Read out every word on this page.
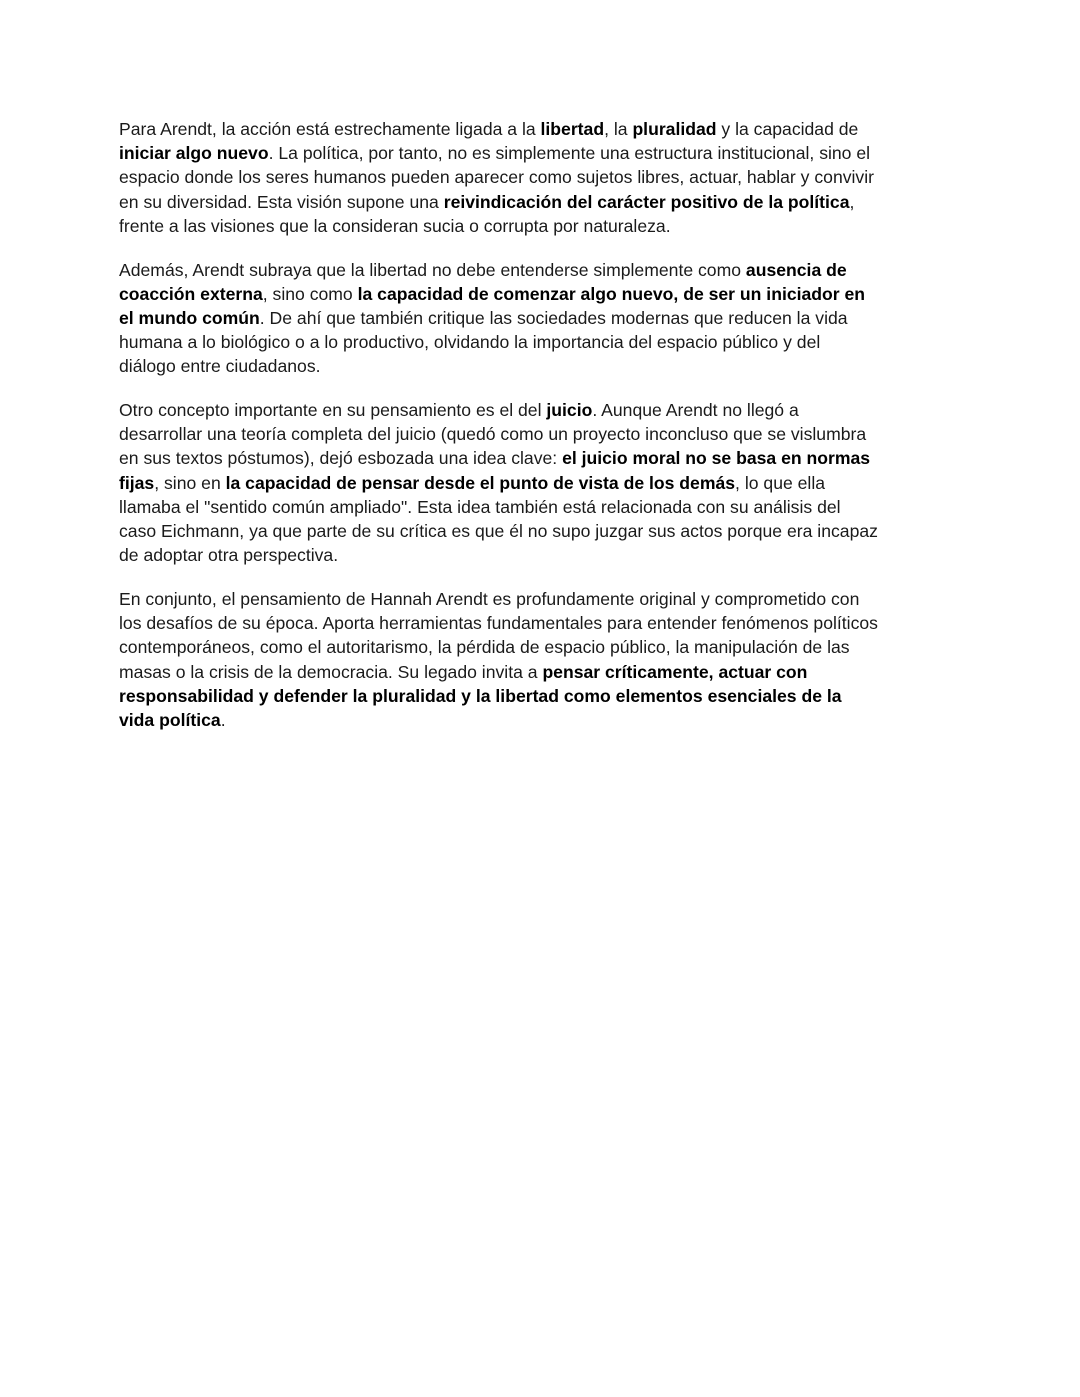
Para Arendt, la acción está estrechamente ligada a la libertad, la pluralidad y la capacidad de iniciar algo nuevo. La política, por tanto, no es simplemente una estructura institucional, sino el espacio donde los seres humanos pueden aparecer como sujetos libres, actuar, hablar y convivir en su diversidad. Esta visión supone una reivindicación del carácter positivo de la política, frente a las visiones que la consideran sucia o corrupta por naturaleza.

Además, Arendt subraya que la libertad no debe entenderse simplemente como ausencia de coacción externa, sino como la capacidad de comenzar algo nuevo, de ser un iniciador en el mundo común. De ahí que también critique las sociedades modernas que reducen la vida humana a lo biológico o a lo productivo, olvidando la importancia del espacio público y del diálogo entre ciudadanos.

Otro concepto importante en su pensamiento es el del juicio. Aunque Arendt no llegó a desarrollar una teoría completa del juicio (quedó como un proyecto inconcluso que se vislumbra en sus textos póstumos), dejó esbozada una idea clave: el juicio moral no se basa en normas fijas, sino en la capacidad de pensar desde el punto de vista de los demás, lo que ella llamaba el "sentido común ampliado". Esta idea también está relacionada con su análisis del caso Eichmann, ya que parte de su crítica es que él no supo juzgar sus actos porque era incapaz de adoptar otra perspectiva.

En conjunto, el pensamiento de Hannah Arendt es profundamente original y comprometido con los desafíos de su época. Aporta herramientas fundamentales para entender fenómenos políticos contemporáneos, como el autoritarismo, la pérdida de espacio público, la manipulación de las masas o la crisis de la democracia. Su legado invita a pensar críticamente, actuar con responsabilidad y defender la pluralidad y la libertad como elementos esenciales de la vida política.
